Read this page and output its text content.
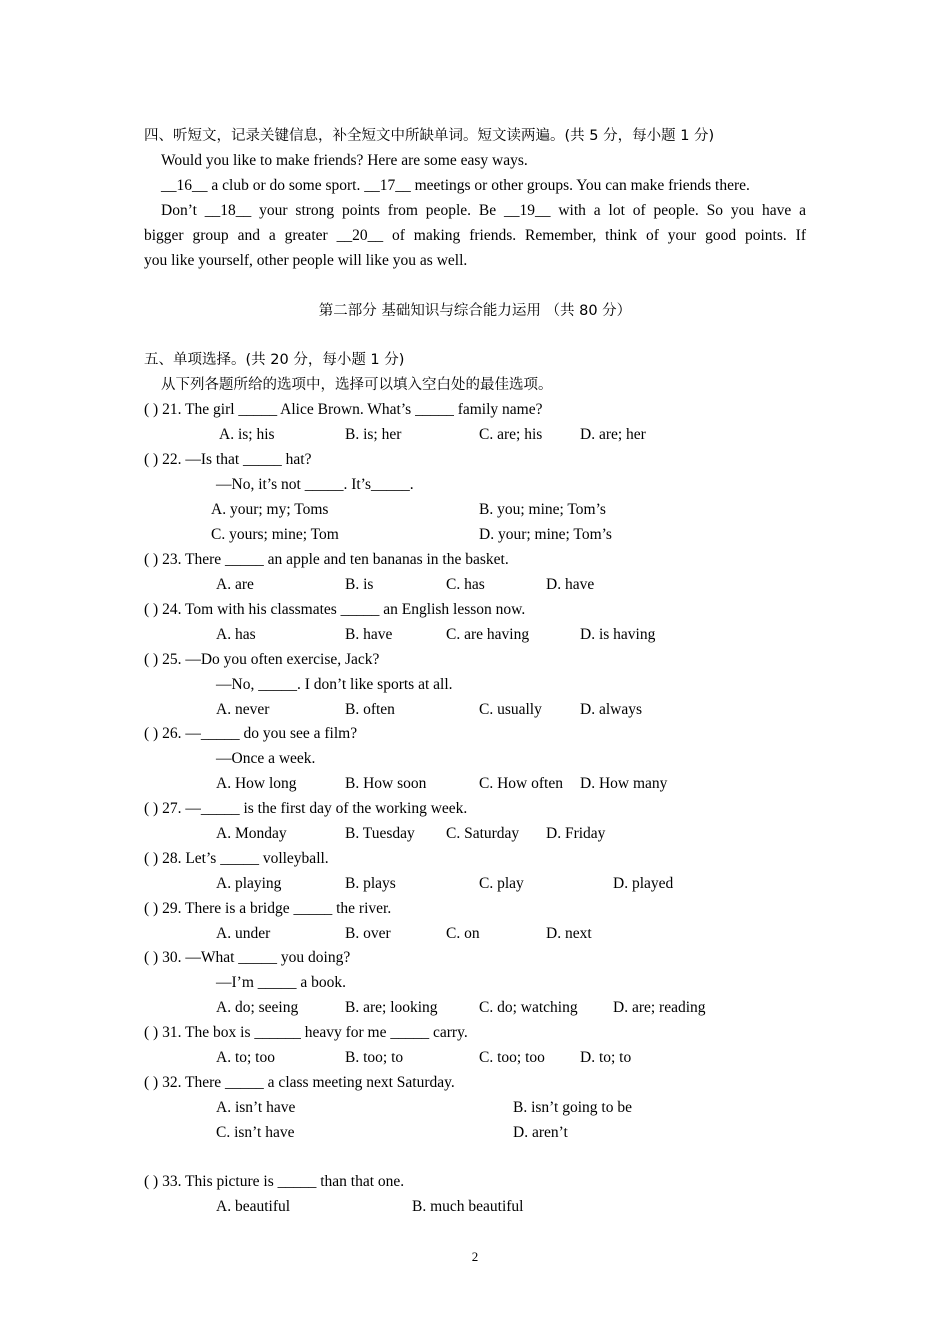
四、听短文，记录关键信息，补全短文中所缺单词。短文读两遍。(共 5 分，每小题 1 分)
Would you like to make friends? Here are some easy ways.
__16__ a club or do some sport. __17__ meetings or other groups. You can make friends there.
Don’t __18__ your strong points from people. Be __19__ with a lot of people. So you have a
bigger group and a greater __20__ of making friends. Remember, think of your good points. If
you like yourself, other people will like you as well.
第二部分 基础知识与综合能力运用 （共 80 分）
五、单项选择。(共 20 分，每小题 1 分)
从下列各题所给的选项中，选择可以填入空白处的最佳选项。
( ) 21. The girl _____ Alice Brown. What’s _____ family name?
A. is; his	B. is; her	C. are; his D. are; her
( ) 22. —Is that _____ hat?
—No, it’s not _____. It’s_____.
A. your; my; Toms	B. you; mine; Tom’s
C. yours; mine; Tom	D. your; mine; Tom’s
( ) 23. There _____ an apple and ten bananas in the basket.
A. are	B. is	C. has	D. have
( ) 24. Tom with his classmates _____ an English lesson now.
A. has	B. have	C. are having	D. is having
( ) 25. —Do you often exercise, Jack?
—No, _____. I don’t like sports at all.
A. never	B. often	C. usually D. always
( ) 26. —_____ do you see a film?
—Once a week.
A. How long	B. How soon	C. How often D. How many
( ) 27. —_____ is the first day of the working week.
A. Monday	B. Tuesday C. Saturday D. Friday
( ) 28. Let’s _____ volleyball.
A. playing	B. plays	C. play	D. played
( ) 29. There is a bridge _____ the river.
A. under	B. over	C. on	D. next
( ) 30. —What _____ you doing?
—I’m _____ a book.
A. do; seeing	B. are; looking	C. do; watching D. are; reading
( ) 31. The box is ______ heavy for me _____ carry.
A. to; too	B. too; to	C. too; too D. to; to
( ) 32. There _____ a class meeting next Saturday.
A. isn’t have	B. isn’t going to be
C. isn’t have	D. aren’t
( ) 33. This picture is _____ than that one.
A. beautiful	B. much beautiful
2
